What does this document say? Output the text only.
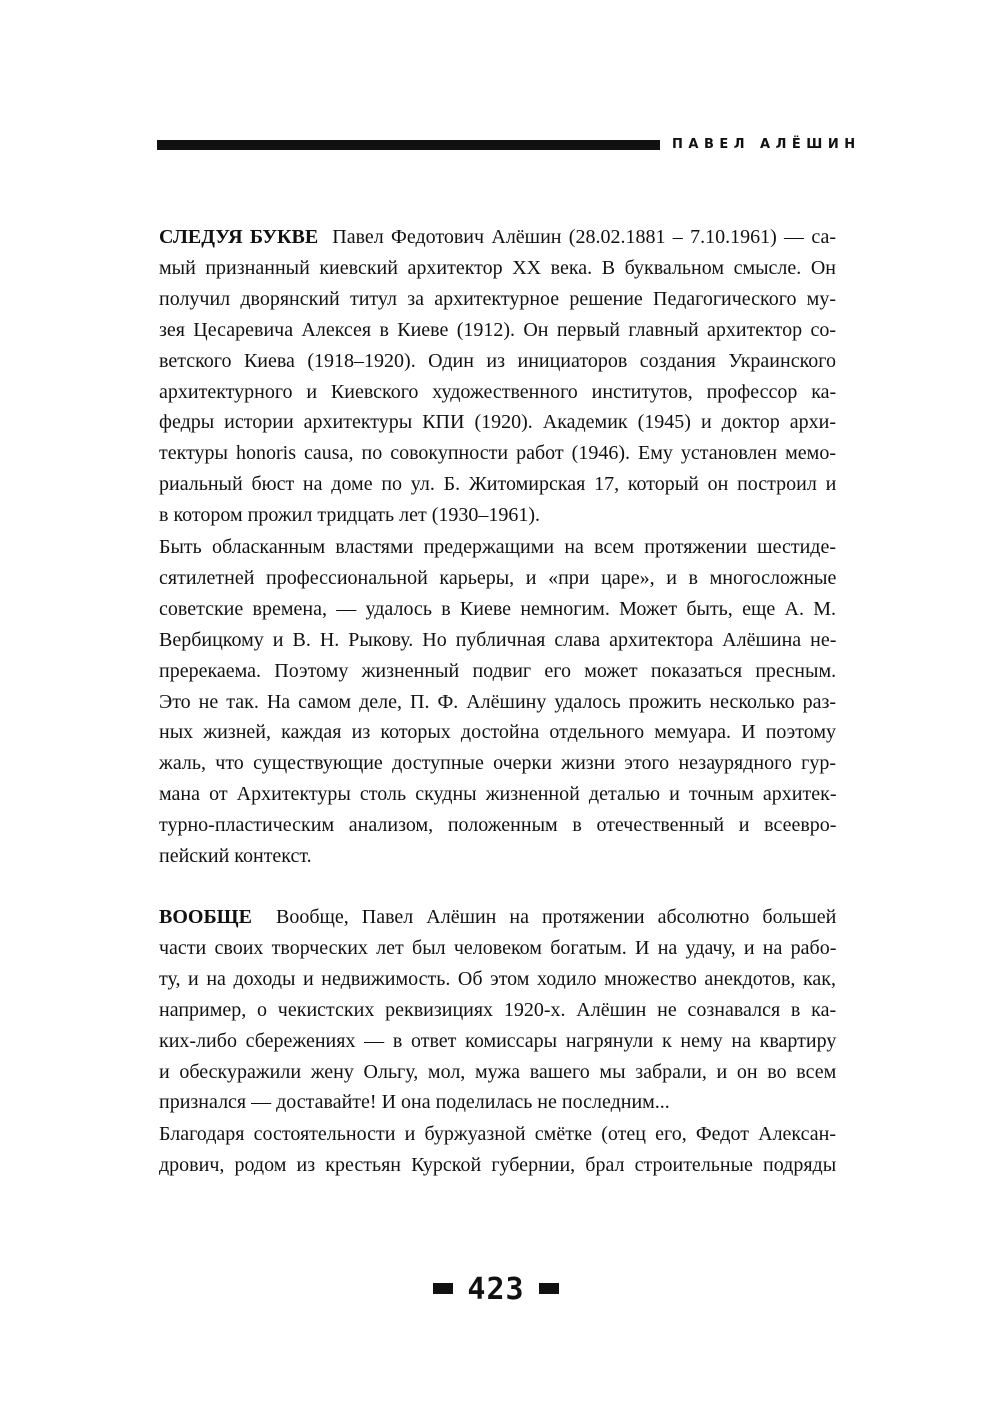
ПАВЕЛ АЛЁШИН
СЛЕДУЯ БУКВЕ Павел Федотович Алёшин (28.02.1881 – 7.10.1961) — са-
мый признанный киевский архитектор XX века. В буквальном смысле. Он
получил дворянский титул за архитектурное решение Педагогического му-
зея Цесаревича Алексея в Киеве (1912). Он первый главный архитектор со-
ветского Киева (1918–1920). Один из инициаторов создания Украинского
архитектурного и Киевского художественного институтов, профессор ка-
федры истории архитектуры КПИ (1920). Академик (1945) и доктор архи-
тектуры honoris causa, по совокупности работ (1946). Ему установлен мемо-
риальный бюст на доме по ул. Б. Житомирская 17, который он построил и
в котором прожил тридцать лет (1930–1961).
Быть обласканным властями предержащими на всем протяжении шестиде-
сятилетней профессиональной карьеры, и «при царе», и в многосложные
советские времена, — удалось в Киеве немногим. Может быть, еще А. М.
Вербицкому и В. Н. Рыкову. Но публичная слава архитектора Алёшина не-
пререкаема. Поэтому жизненный подвиг его может показаться пресным.
Это не так. На самом деле, П. Ф. Алёшину удалось прожить несколько раз-
ных жизней, каждая из которых достойна отдельного мемуара. И поэтому
жаль, что существующие доступные очерки жизни этого незаурядного гур-
мана от Архитектуры столь скудны жизненной деталью и точным архитек-
турно-пластическим анализом, положенным в отечественный и всеевро-
пейский контекст.
ВООБЩЕ Вообще, Павел Алёшин на протяжении абсолютно большей
части своих творческих лет был человеком богатым. И на удачу, и на рабо-
ту, и на доходы и недвижимость. Об этом ходило множество анекдотов, как,
например, о чекистских реквизициях 1920-х. Алёшин не сознавался в ка-
ких-либо сбережениях — в ответ комиссары нагрянули к нему на квартиру
и обескуражили жену Ольгу, мол, мужа вашего мы забрали, и он во всем
признался — доставайте! И она поделилась не последним...
Благодаря состоятельности и буржуазной смётке (отец его, Федот Алексан-
дрович, родом из крестьян Курской губернии, брал строительные подряды
423
